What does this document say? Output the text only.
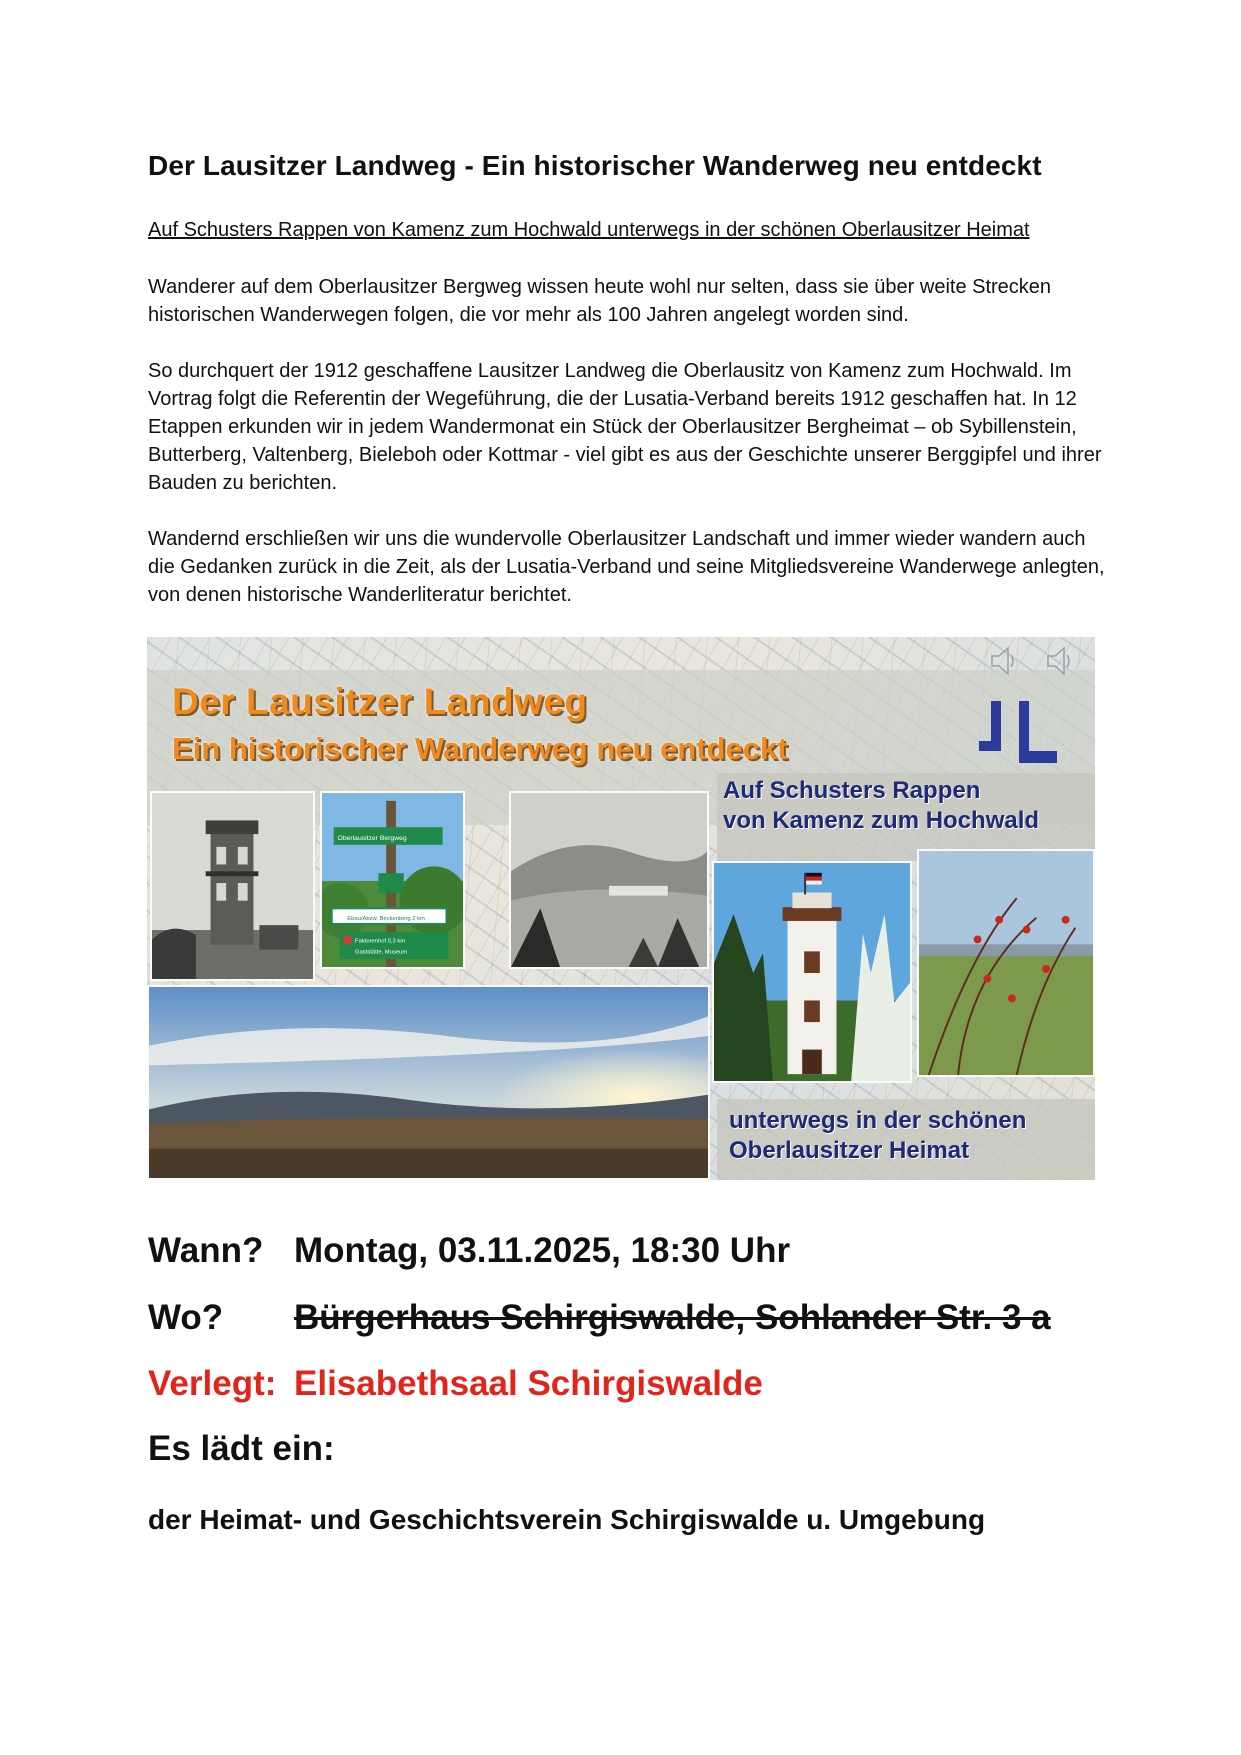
Der Lausitzer Landweg - Ein historischer Wanderweg neu entdeckt

Auf Schusters Rappen von Kamenz zum Hochwald unterwegs in der schönen Oberlausitzer Heimat

Wanderer auf dem Oberlausitzer Bergweg wissen heute wohl nur selten, dass sie über weite Strecken historischen Wanderwegen folgen, die vor mehr als 100 Jahren angelegt worden sind.

So durchquert der 1912 geschaffene Lausitzer Landweg die Oberlausitz von Kamenz zum Hochwald. Im Vortrag folgt die Referentin der Wegeführung, die der Lusatia-Verband bereits 1912 geschaffen hat. In 12 Etappen erkunden wir in jedem Wandermonat ein Stück der Oberlausitzer Bergheimat – ob Sybillenstein, Butterberg, Valtenberg, Bieleboh oder Kottmar - viel gibt es aus der Geschichte unserer Berggipfel und ihrer Bauden zu berichten.

Wandernd erschließen wir uns die wundervolle Oberlausitzer Landschaft und immer wieder wandern auch die Gedanken zurück in die Zeit, als der Lusatia-Verband und seine Mitgliedsvereine Wanderwege anlegten, von denen historische Wanderliteratur berichtet.

Der Lausitzer Landweg
Ein historischer Wanderweg neu entdeckt

Auf Schusters Rappen

von Kamenz zum Hochwald

Oberlausitzer Bergweg
Ebau/Abzw. Beckenberg 2 km
Faktorenhof 0,3 km
Gaststätte, Museum

unterwegs in der schönen

Oberlausitzer Heimat

Wann? Montag, 03.11.2025, 18:30 Uhr

Wo? Bürgerhaus Schirgiswalde, Sohlander Str. 3 a

Verlegt: Elisabethsaal Schirgiswalde

Es lädt ein:

der Heimat- und Geschichtsverein Schirgiswalde u. Umgebung
